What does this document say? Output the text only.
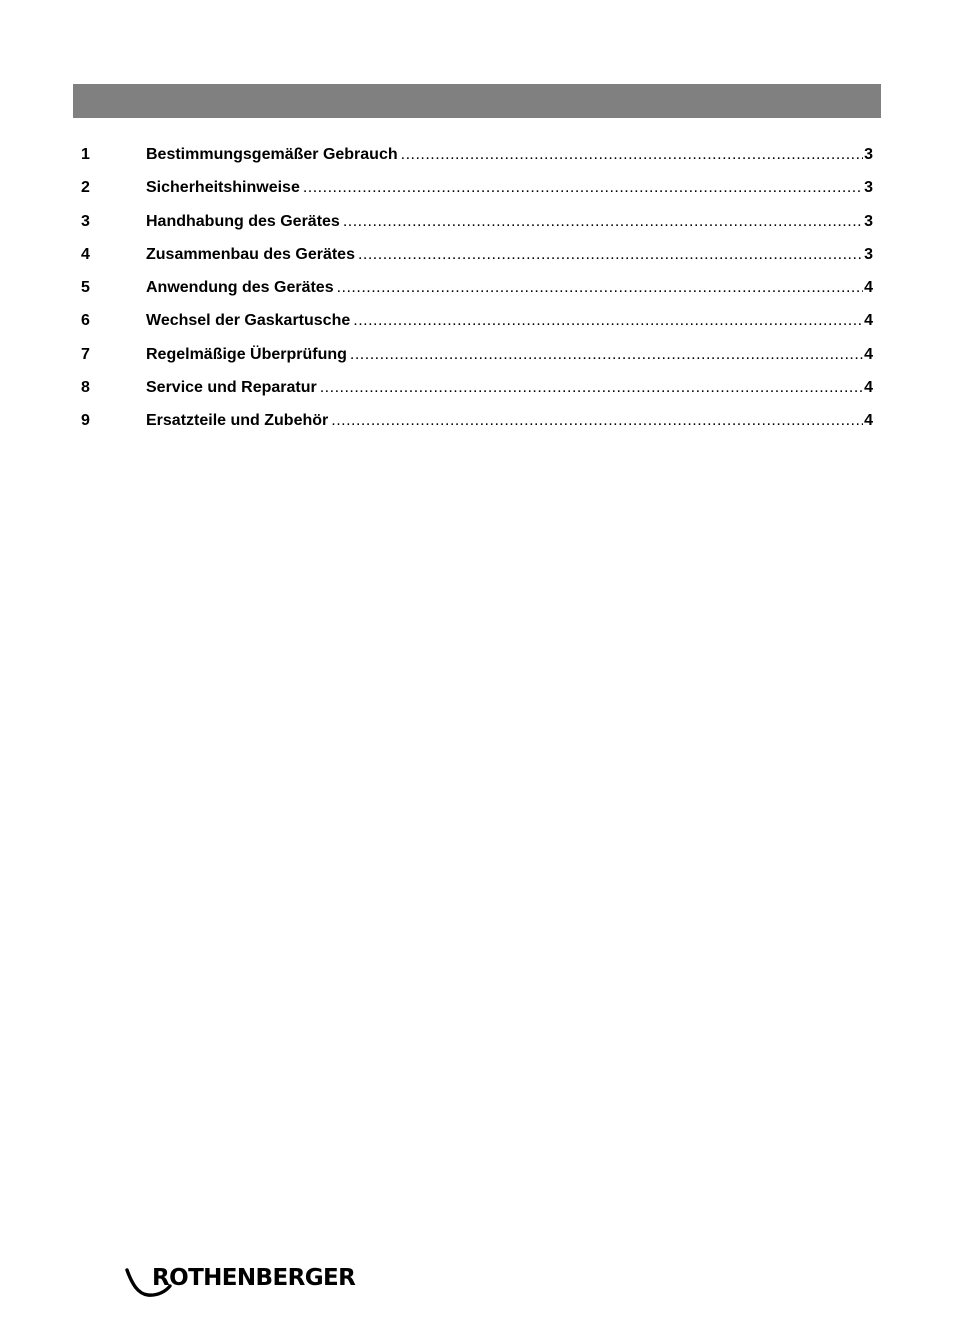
1	Bestimmungsgemäßer Gebrauch .....	3
2	Sicherheitshinweise .....	3
3	Handhabung des Gerätes .....	3
4	Zusammenbau des Gerätes .....	3
5	Anwendung des Gerätes .....	4
6	Wechsel der Gaskartusche .....	4
7	Regelmäßige Überprüfung .....	4
8	Service und Reparatur .....	4
9	Ersatzteile und Zubehör .....	4
ROTHENBERGER
